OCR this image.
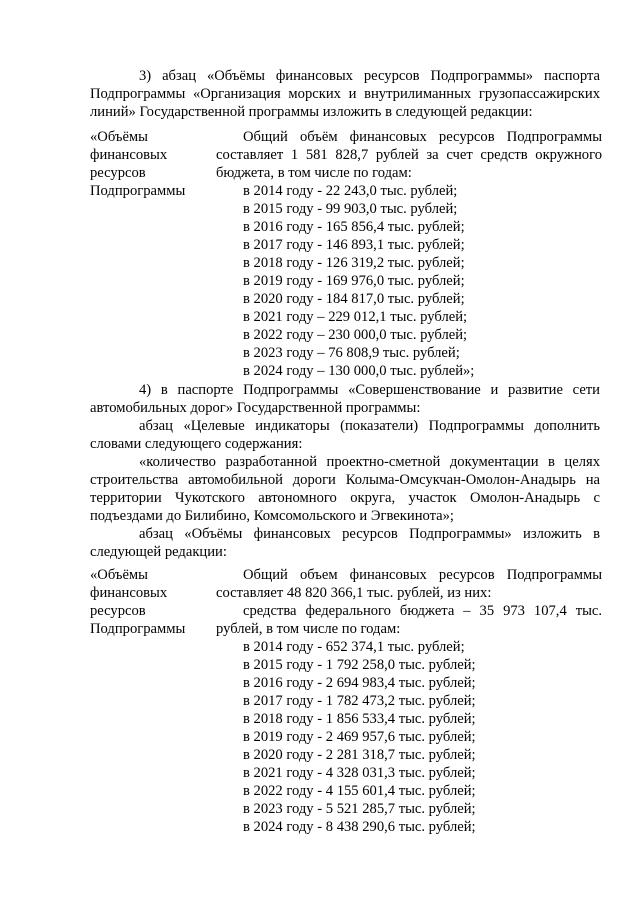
3) абзац «Объёмы финансовых ресурсов Подпрограммы» паспорта Подпрограммы «Организация морских и внутрилиманных грузопассажирских линий» Государственной программы изложить в следующей редакции:

«Объёмы финансовых ресурсов Подпрограммы

Общий объём финансовых ресурсов Подпрограммы составляет 1 581 828,7 рублей за счет средств окружного бюджета, в том числе по годам:

в 2014 году - 22 243,0 тыс. рублей;
в 2015 году - 99 903,0 тыс. рублей;
в 2016 году - 165 856,4 тыс. рублей;
в 2017 году - 146 893,1 тыс. рублей;
в 2018 году - 126 319,2 тыс. рублей;
в 2019 году - 169 976,0 тыс. рублей;
в 2020 году - 184 817,0 тыс. рублей;
в 2021 году – 229 012,1 тыс. рублей;
в 2022 году – 230 000,0 тыс. рублей;
в 2023 году – 76 808,9 тыс. рублей;
в 2024 году – 130 000,0 тыс. рублей»;

4) в паспорте Подпрограммы «Совершенствование и развитие сети автомобильных дорог» Государственной программы:

абзац «Целевые индикаторы (показатели) Подпрограммы дополнить словами следующего содержания:

«количество разработанной проектно-сметной документации в целях строительства автомобильной дороги Колыма-Омсукчан-Омолон-Анадырь на территории Чукотского автономного округа, участок Омолон-Анадырь с подъездами до Билибино, Комсомольского и Эгвекинота»;

абзац «Объёмы финансовых ресурсов Подпрограммы» изложить в следующей редакции:

«Объёмы финансовых ресурсов Подпрограммы

Общий объем финансовых ресурсов Подпрограммы составляет 48 820 366,1 тыс. рублей, из них:

средства федерального бюджета – 35 973 107,4 тыс. рублей, в том числе по годам:

в 2014 году - 652 374,1 тыс. рублей;
в 2015 году - 1 792 258,0 тыс. рублей;
в 2016 году - 2 694 983,4 тыс. рублей;
в 2017 году - 1 782 473,2 тыс. рублей;
в 2018 году - 1 856 533,4 тыс. рублей;
в 2019 году - 2 469 957,6 тыс. рублей;
в 2020 году - 2 281 318,7 тыс. рублей;
в 2021 году - 4 328 031,3 тыс. рублей;
в 2022 году - 4 155 601,4 тыс. рублей;
в 2023 году - 5 521 285,7 тыс. рублей;
в 2024 году - 8 438 290,6 тыс. рублей;
